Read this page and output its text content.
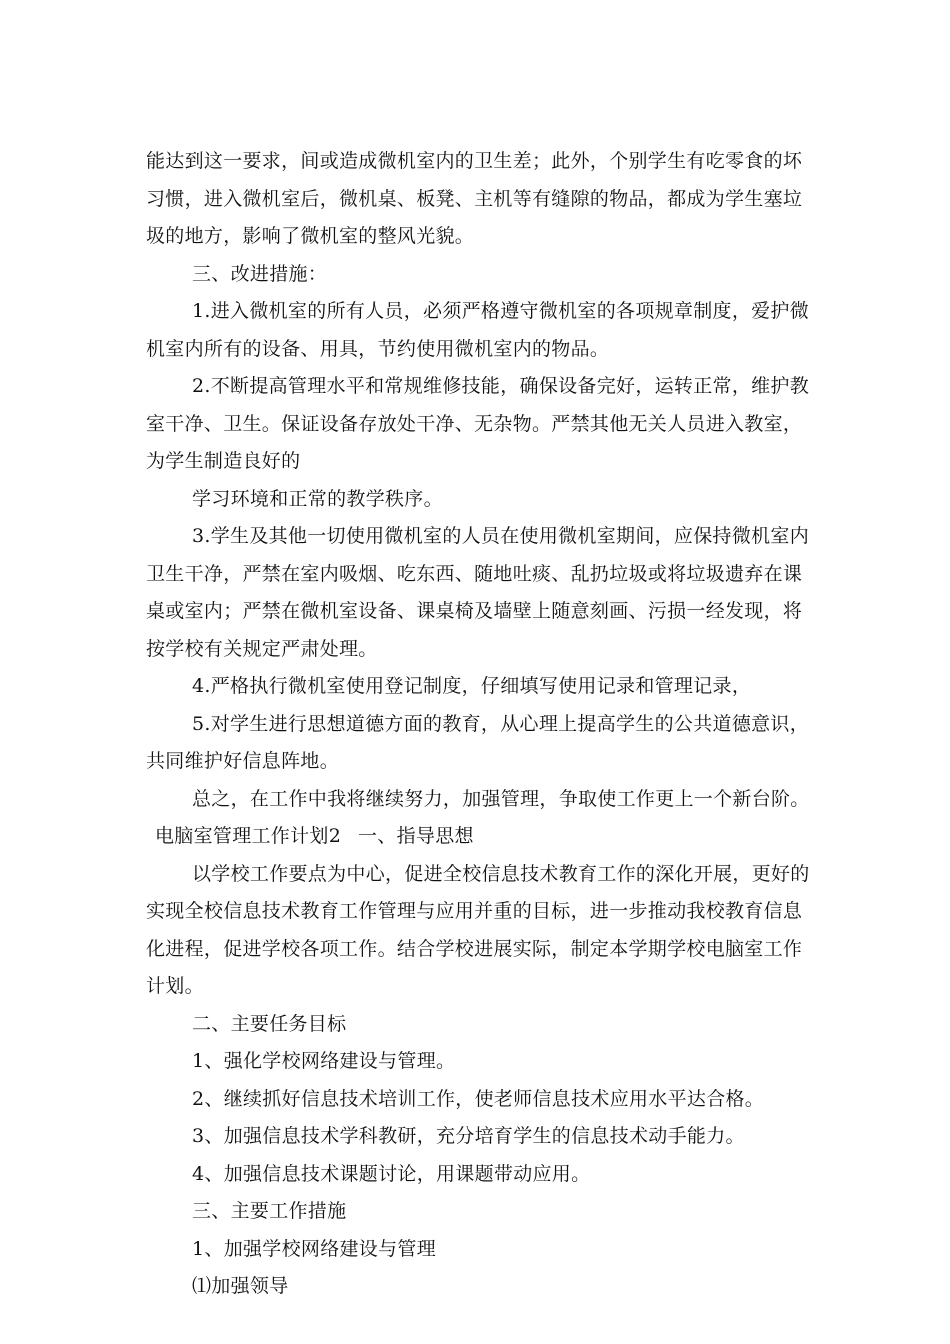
能达到这一要求，间或造成微机室内的卫生差；此外，个别学生有吃零食的坏
习惯，进入微机室后，微机桌、板凳、主机等有缝隙的物品，都成为学生塞垃
圾的地方，影响了微机室的整风光貌。
三、改进措施：
1.进入微机室的所有人员，必须严格遵守微机室的各项规章制度，爱护微
机室内所有的设备、用具，节约使用微机室内的物品。
2.不断提高管理水平和常规维修技能，确保设备完好，运转正常，维护教
室干净、卫生。保证设备存放处干净、无杂物。严禁其他无关人员进入教室，
为学生制造良好的
学习环境和正常的教学秩序。
3.学生及其他一切使用微机室的人员在使用微机室期间，应保持微机室内
卫生干净，严禁在室内吸烟、吃东西、随地吐痰、乱扔垃圾或将垃圾遗弃在课
桌或室内；严禁在微机室设备、课桌椅及墙壁上随意刻画、污损一经发现，将
按学校有关规定严肃处理。
4.严格执行微机室使用登记制度，仔细填写使用记录和管理记录，
5.对学生进行思想道德方面的教育，从心理上提高学生的公共道德意识，
共同维护好信息阵地。
总之，在工作中我将继续努力，加强管理，争取使工作更上一个新台阶。
电脑室管理工作计划2 一、指导思想
以学校工作要点为中心，促进全校信息技术教育工作的深化开展，更好的
实现全校信息技术教育工作管理与应用并重的目标，进一步推动我校教育信息
化进程，促进学校各项工作。结合学校进展实际，制定本学期学校电脑室工作
计划。
二、主要任务目标
1、强化学校网络建设与管理。
2、继续抓好信息技术培训工作，使老师信息技术应用水平达合格。
3、加强信息技术学科教研，充分培育学生的信息技术动手能力。
4、加强信息技术课题讨论，用课题带动应用。
三、主要工作措施
1、加强学校网络建设与管理
⑴加强领导
